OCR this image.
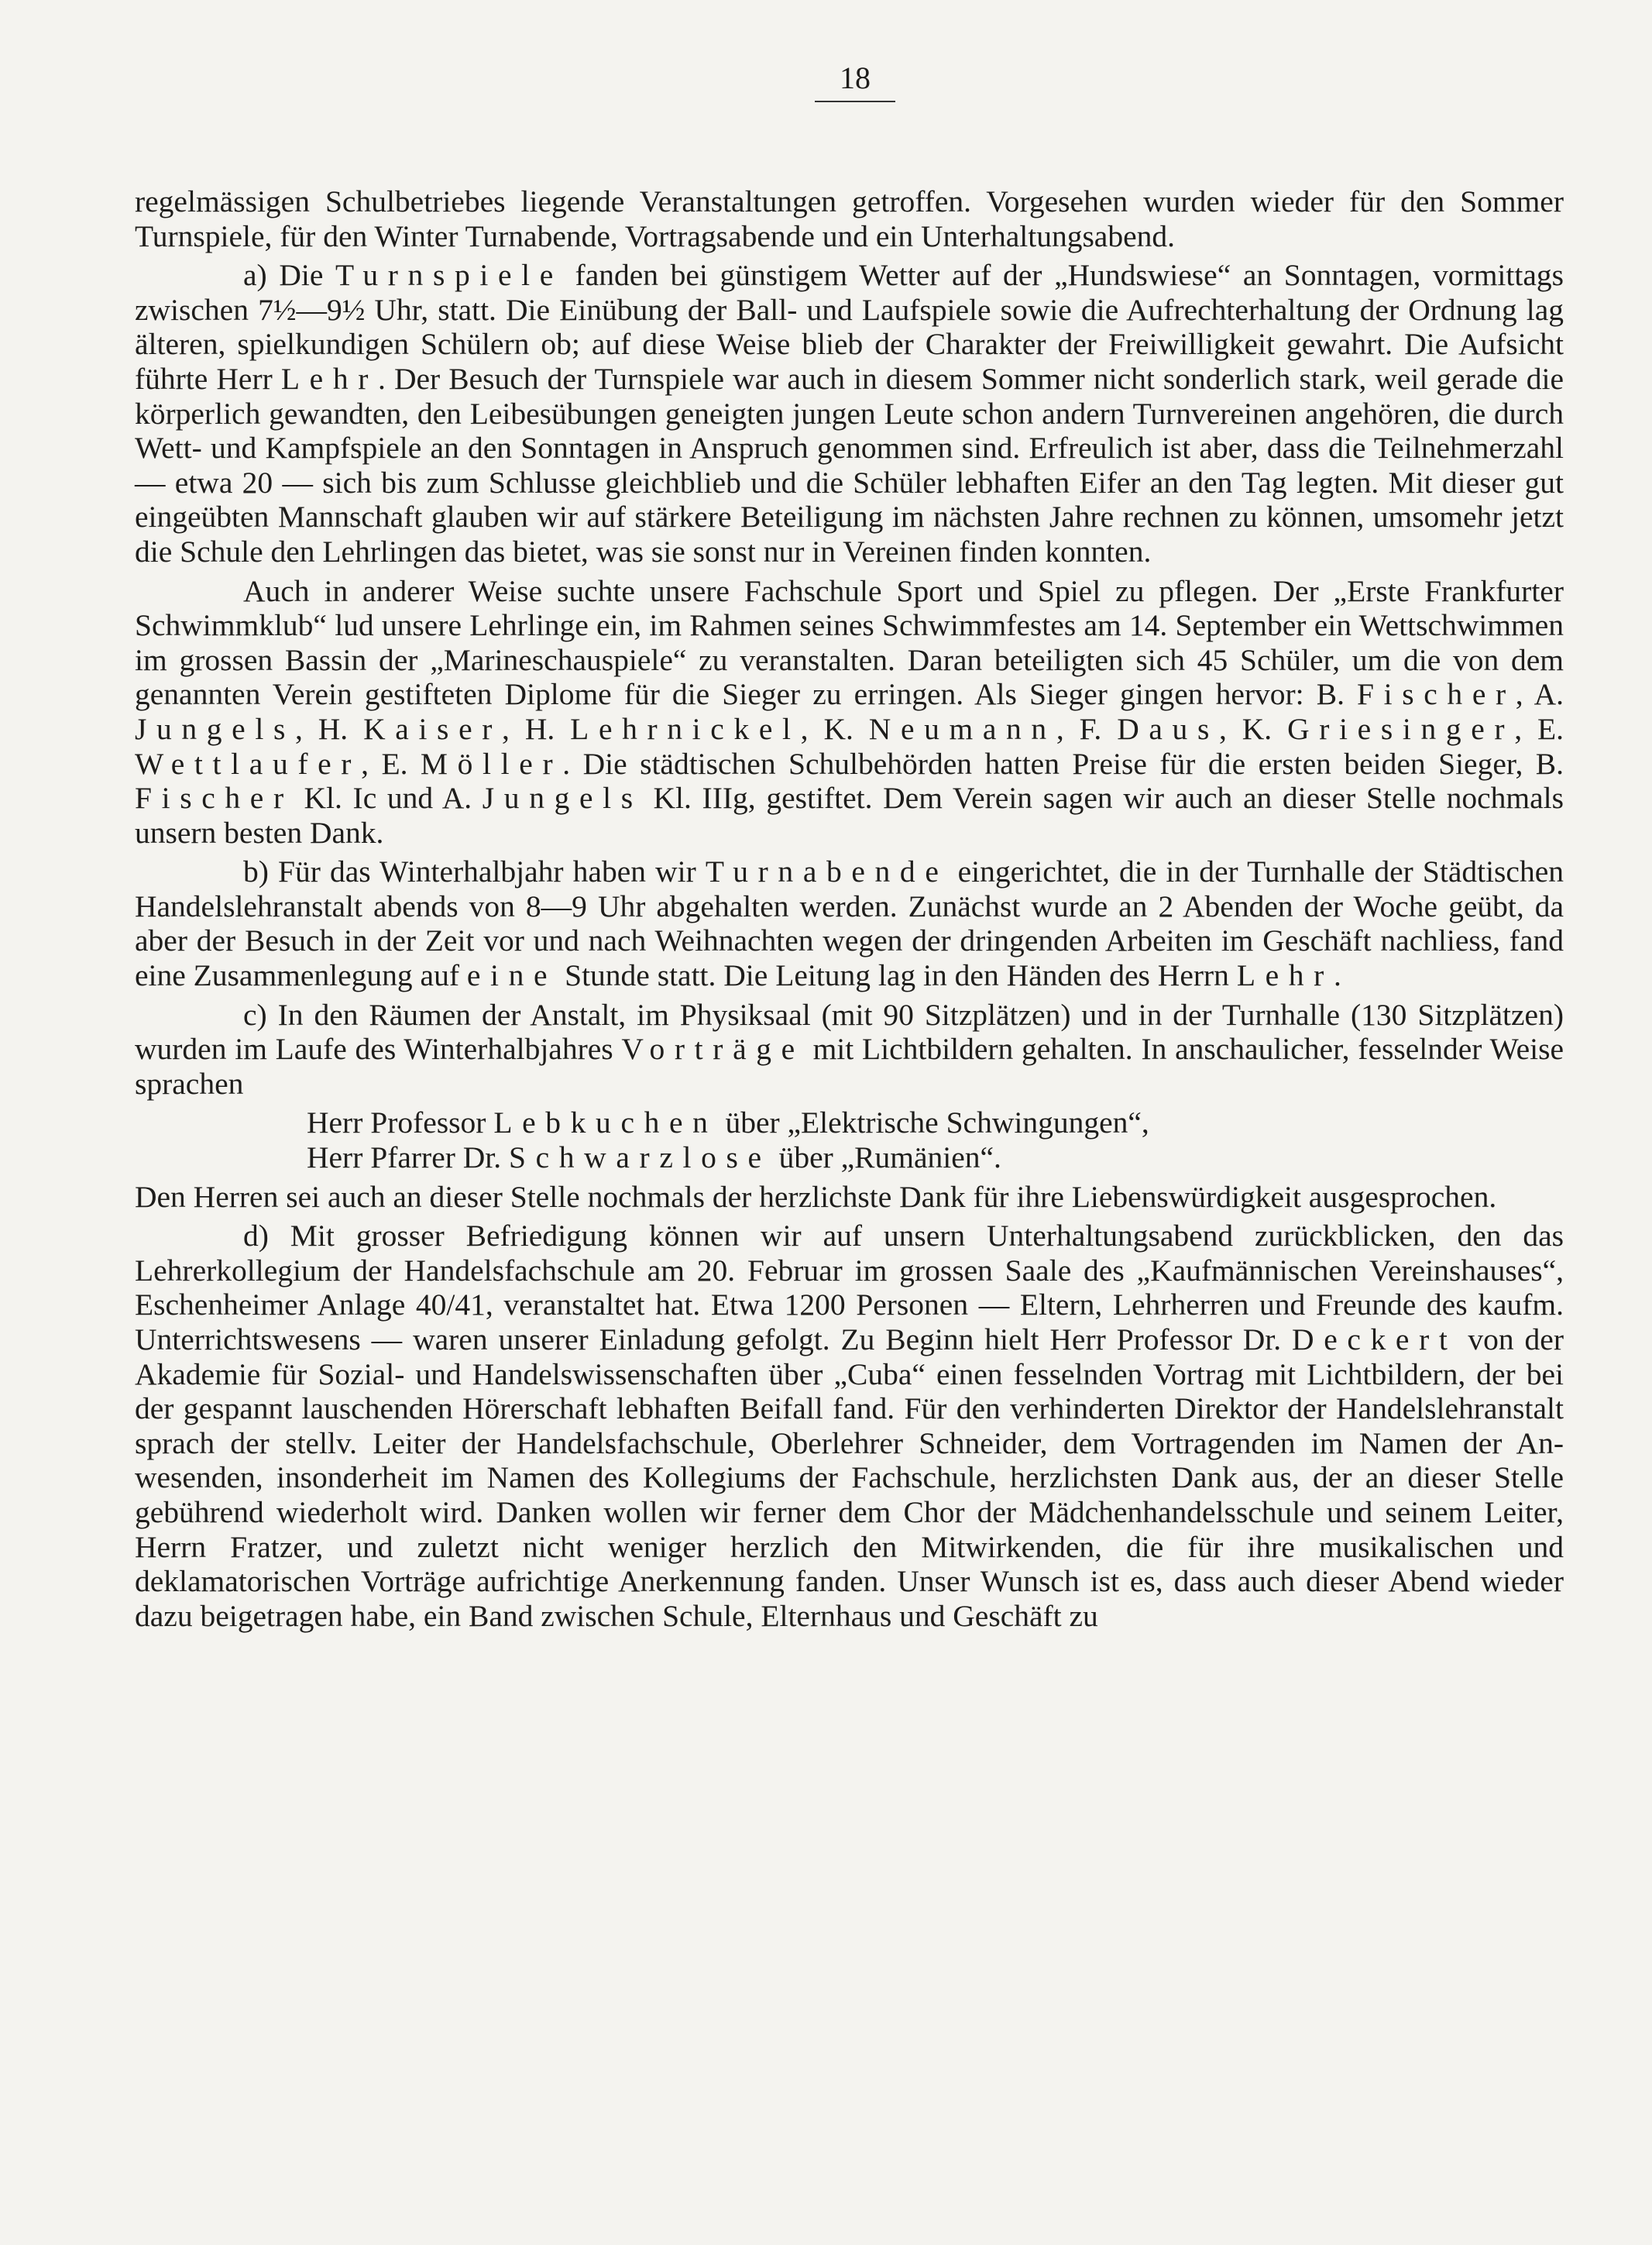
18

regelmässigen Schulbetriebes liegende Veranstaltungen getroffen. Vorgesehen wurden wieder für den Sommer Turnspiele, für den Winter Turnabende, Vortragsabende und ein Unterhaltungsabend.

a) Die Turnspiele fanden bei günstigem Wetter auf der „Hundswiese“ an Sonntagen, vormittags zwischen 7½—9½ Uhr, statt. Die Einübung der Ball- und Laufspiele sowie die Aufrechterhaltung der Ordnung lag älteren, spielkundigen Schülern ob; auf diese Weise blieb der Charakter der Freiwilligkeit gewahrt. Die Aufsicht führte Herr Lehr. Der Besuch der Turnspiele war auch in diesem Sommer nicht sonderlich stark, weil gerade die körperlich gewandten, den Leibesübungen geneigten jungen Leute schon andern Turnvereinen angehören, die durch Wett- und Kampfspiele an den Sonntagen in Anspruch genommen sind. Erfreulich ist aber, dass die Teilnehmerzahl — etwa 20 — sich bis zum Schlusse gleichblieb und die Schüler lebhaften Eifer an den Tag legten. Mit dieser gut eingeübten Mannschaft glauben wir auf stärkere Beteiligung im nächsten Jahre rechnen zu können, umsomehr jetzt die Schule den Lehrlingen das bietet, was sie sonst nur in Vereinen finden konnten.

Auch in anderer Weise suchte unsere Fachschule Sport und Spiel zu pflegen. Der „Erste Frankfurter Schwimmklub“ lud unsere Lehrlinge ein, im Rahmen seines Schwimmfestes am 14. September ein Wettschwimmen im grossen Bassin der „Marineschauspiele“ zu veranstalten. Daran beteiligten sich 45 Schüler, um die von dem genannten Verein gestifteten Diplome für die Sieger zu erringen. Als Sieger gingen hervor: B. Fischer, A. Jungels, H. Kaiser, H. Lehrnickel, K. Neumann, F. Daus, K. Griesinger, E. Wettlaufer, E. Möller. Die städtischen Schulbehörden hatten Preise für die ersten beiden Sieger, B. Fischer Kl. Ic und A. Jungels Kl. IIIg, gestiftet. Dem Verein sagen wir auch an dieser Stelle nochmals unsern besten Dank.

b) Für das Winterhalbjahr haben wir Turnabende eingerichtet, die in der Turnhalle der Städtischen Handelslehranstalt abends von 8—9 Uhr abgehalten werden. Zunächst wurde an 2 Abenden der Woche geübt, da aber der Besuch in der Zeit vor und nach Weihnachten wegen der dringenden Arbeiten im Geschäft nachliess, fand eine Zusammenlegung auf eine Stunde statt. Die Leitung lag in den Händen des Herrn Lehr.

c) In den Räumen der Anstalt, im Physiksaal (mit 90 Sitzplätzen) und in der Turnhalle (130 Sitzplätzen) wurden im Laufe des Winterhalbjahres Vorträge mit Lichtbildern gehalten. In anschaulicher, fesselnder Weise sprachen

Herr Professor Lebkuchen über „Elektrische Schwingungen“,
Herr Pfarrer Dr. Schwarzlose über „Rumänien“.

Den Herren sei auch an dieser Stelle nochmals der herzlichste Dank für ihre Liebenswürdigkeit ausgesprochen.

d) Mit grosser Befriedigung können wir auf unsern Unterhaltungsabend zurückblicken, den das Lehrerkollegium der Handelsfachschule am 20. Februar im grossen Saale des „Kaufmännischen Vereinshauses“, Eschenheimer Anlage 40/41, veranstaltet hat. Etwa 1200 Personen — Eltern, Lehrherren und Freunde des kaufm. Unterrichtswesens — waren unserer Einladung gefolgt. Zu Beginn hielt Herr Professor Dr. Deckert von der Akademie für Sozial- und Handelswissenschaften über „Cuba“ einen fesselnden Vortrag mit Lichtbildern, der bei der gespannt lauschenden Hörerschaft lebhaften Beifall fand. Für den verhinderten Direktor der Handelslehranstalt sprach der stellv. Leiter der Handelsfachschule, Oberlehrer Schneider, dem Vortragenden im Namen der Anwesenden, insonderheit im Namen des Kollegiums der Fachschule, herzlichsten Dank aus, der an dieser Stelle gebührend wiederholt wird. Danken wollen wir ferner dem Chor der Mädchenhandelsschule und seinem Leiter, Herrn Fratzer, und zuletzt nicht weniger herzlich den Mitwirkenden, die für ihre musikalischen und deklamatorischen Vorträge aufrichtige Anerkennung fanden. Unser Wunsch ist es, dass auch dieser Abend wieder dazu beigetragen habe, ein Band zwischen Schule, Elternhaus und Geschäft zu
